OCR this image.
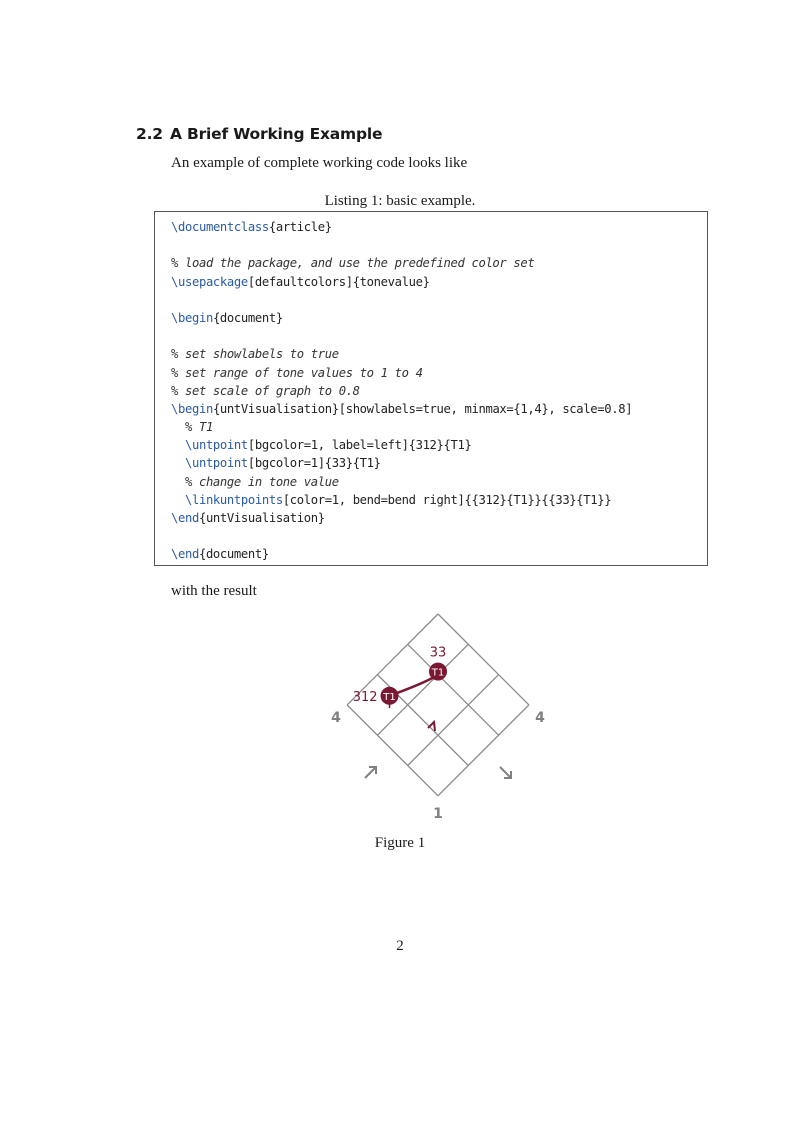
2.2 A Brief Working Example
An example of complete working code looks like
Listing 1: basic example.
\documentclass{article}

% load the package, and use the predefined color set
\usepackage[defaultcolors]{tonevalue}

\begin{document}

% set showlabels to true
% set range of tone values to 1 to 4
% set scale of graph to 0.8
\begin{untVisualisation}[showlabels=true, minmax={1,4}, scale=0.8]
% T1
\untpoint[bgcolor=1, label=left]{312}{T1}
\untpoint[bgcolor=1]{33}{T1}
% change in tone value
\linkuntpoints[color=1, bend=bend right]{{312}{T1}}{{33}{T1}}
\end{untVisualisation}

\end{document}
with the result
4	4
1
T1
312
T1
33
Figure 1
2
